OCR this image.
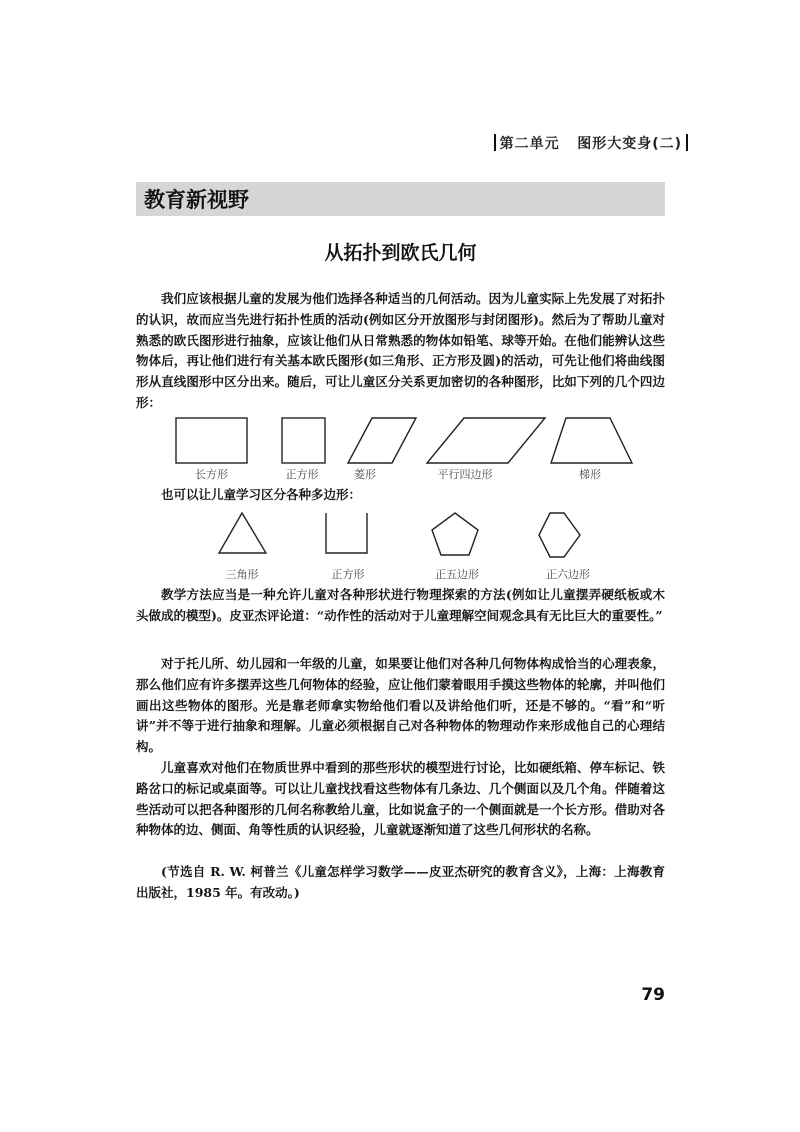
第二单元 图形大变身(二)
教育新视野
从拓扑到欧氏几何

我们应该根据儿童的发展为他们选择各种适当的几何活动。因为儿童实际上先发展了对拓扑的认识，故而应当先进行拓扑性质的活动(例如区分开放图形与封闭图形)。然后为了帮助儿童对熟悉的欧氏图形进行抽象，应该让他们从日常熟悉的物体如铅笔、球等开始。在他们能辨认这些物体后，再让他们进行有关基本欧氏图形(如三角形、正方形及圆)的活动，可先让他们将曲线图形从直线图形中区分出来。随后，可让儿童区分关系更加密切的各种图形，比如下列的几个四边形：

长方形	正方形	菱形	平行四边形	梯形

也可以让儿童学习区分各种多边形：

三角形	正方形	正五边形	正六边形

教学方法应当是一种允许儿童对各种形状进行物理探索的方法(例如让儿童摆弄硬纸板或木头做成的模型)。皮亚杰评论道：“动作性的活动对于儿童理解空间观念具有无比巨大的重要性。”

对于托儿所、幼儿园和一年级的儿童，如果要让他们对各种几何物体构成恰当的心理表象，那么他们应有许多摆弄这些几何物体的经验，应让他们蒙着眼用手摸这些物体的轮廓，并叫他们画出这些物体的图形。光是靠老师拿实物给他们看以及讲给他们听，还是不够的。“看”和“听讲”并不等于进行抽象和理解。儿童必须根据自己对各种物体的物理动作来形成他自己的心理结构。

儿童喜欢对他们在物质世界中看到的那些形状的模型进行讨论，比如硬纸箱、停车标记、铁路岔口的标记或桌面等。可以让儿童找找看这些物体有几条边、几个侧面以及几个角。伴随着这些活动可以把各种图形的几何名称教给儿童，比如说盒子的一个侧面就是一个长方形。借助对各种物体的边、侧面、角等性质的认识经验，儿童就逐渐知道了这些几何形状的名称。

(节选自 R. W. 柯普兰《儿童怎样学习数学——皮亚杰研究的教育含义》，上海：上海教育出版社，1985 年。有改动。)

79
